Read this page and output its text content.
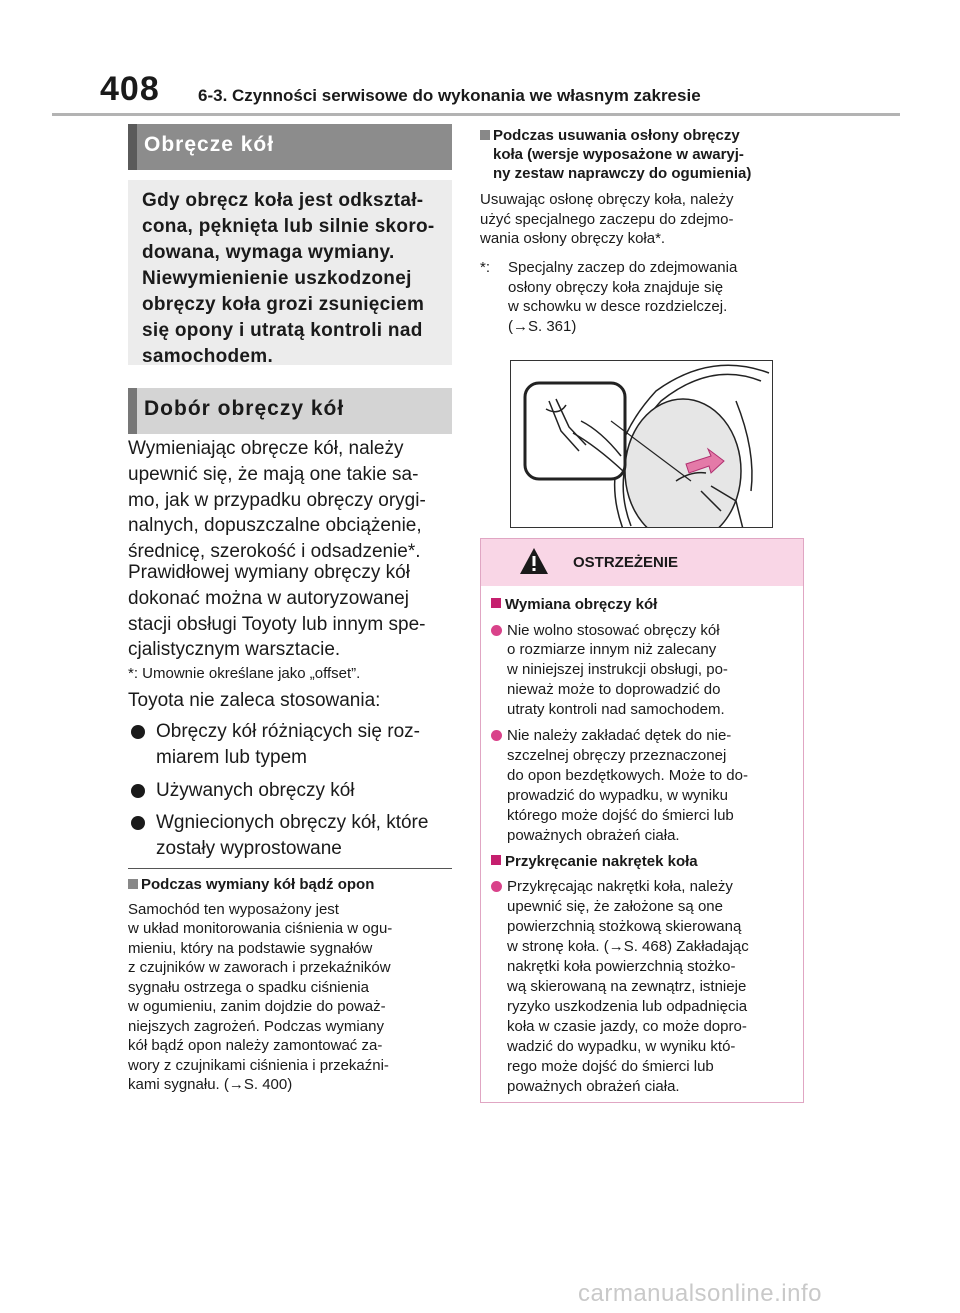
408 6-3. Czynności serwisowe do wykonania we własnym zakresie
Obręcze kół
Gdy obręcz koła jest odkształ-
cona, pęknięta lub silnie skoro-
dowana, wymaga wymiany.
Niewymienienie uszkodzonej
obręczy koła grozi zsunięciem
się opony i utratą kontroli nad
samochodem.
Dobór obręczy kół
Wymieniając obręcze kół, należy
upewnić się, że mają one takie sa-
mo, jak w przypadku obręczy orygi-
nalnych, dopuszczalne obciążenie,
średnicę, szerokość i odsadzenie*.
Prawidłowej wymiany obręczy kół
dokonać można w autoryzowanej
stacji obsługi Toyoty lub innym spe-
cjalistycznym warsztacie.
*: Umownie określane jako „offset”.
Toyota nie zaleca stosowania:
Obręczy kół różniących się roz-
miarem lub typem
Używanych obręczy kół
Wgniecionych obręczy kół, które
zostały wyprostowane
Podczas wymiany kół bądź opon
Samochód ten wyposażony jest
w układ monitorowania ciśnienia w ogu-
mieniu, który na podstawie sygnałów
z czujników w zaworach i przekaźników
sygnału ostrzega o spadku ciśnienia
w ogumieniu, zanim dojdzie do poważ-
niejszych zagrożeń. Podczas wymiany
kół bądź opon należy zamontować za-
wory z czujnikami ciśnienia i przekaźni-
kami sygnału. (→S. 400)
Podczas usuwania osłony obręczy
koła (wersje wyposażone w awaryj-
ny zestaw naprawczy do ogumienia)
Usuwając osłonę obręczy koła, należy
użyć specjalnego zaczepu do zdejmo-
wania osłony obręczy koła*.
*: Specjalny zaczep do zdejmowania
osłony obręczy koła znajduje się
w schowku w desce rozdzielczej.
(→S. 361)
OSTRZEŻENIE
Wymiana obręczy kół
Nie wolno stosować obręczy kół
o rozmiarze innym niż zalecany
w niniejszej instrukcji obsługi, po-
nieważ może to doprowadzić do
utraty kontroli nad samochodem.
Nie należy zakładać dętek do nie-
szczelnej obręczy przeznaczonej
do opon bezdętkowych. Może to do-
prowadzić do wypadku, w wyniku
którego może dojść do śmierci lub
poważnych obrażeń ciała.
Przykręcanie nakrętek koła
Przykręcając nakrętki koła, należy
upewnić się, że założone są one
powierzchnią stożkową skierowaną
w stronę koła. (→S. 468) Zakładając
nakrętki koła powierzchnią stożko-
wą skierowaną na zewnątrz, istnieje
ryzyko uszkodzenia lub odpadnięcia
koła w czasie jazdy, co może dopro-
wadzić do wypadku, w wyniku któ-
rego może dojść do śmierci lub
poważnych obrażeń ciała.
carmanualsonline.info
